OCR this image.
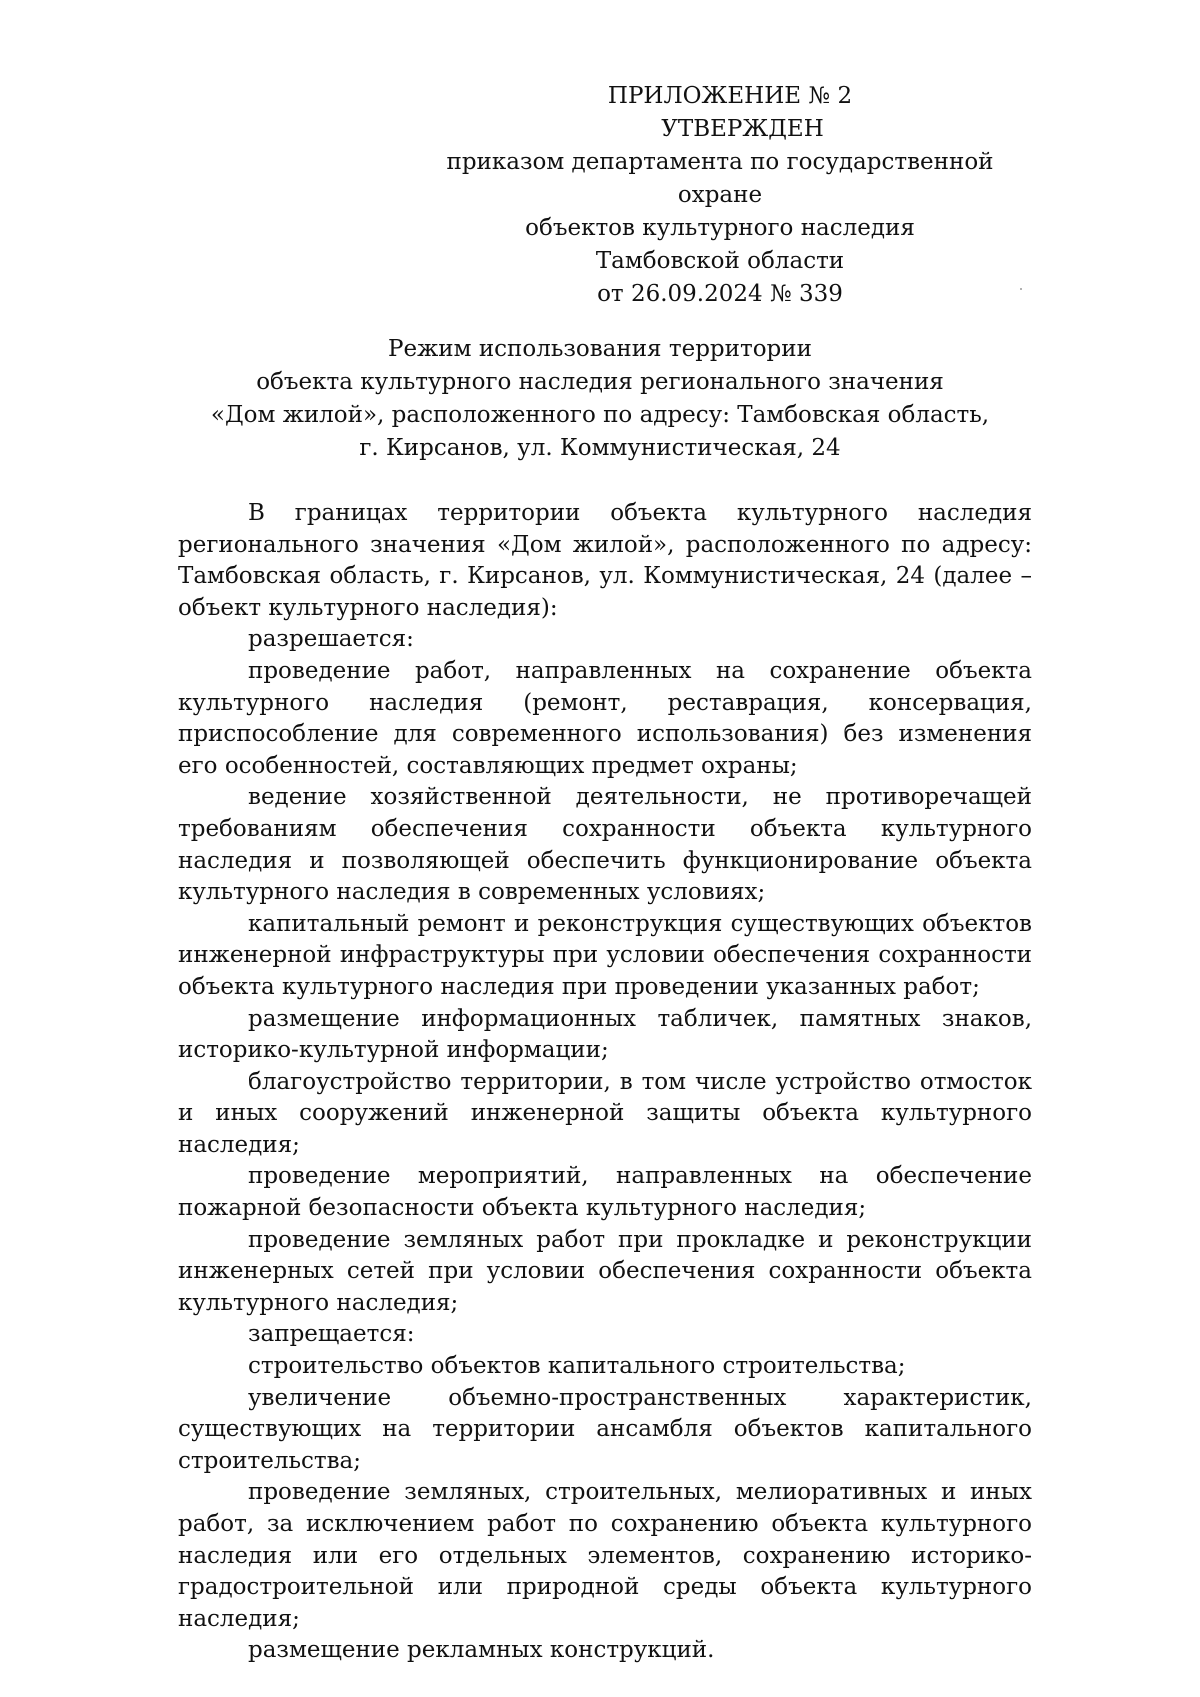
ПРИЛОЖЕНИЕ № 2
УТВЕРЖДЕН
приказом департамента по государственной охране
объектов культурного наследия
Тамбовской области
от 26.09.2024 № 339
Режим использования территории
объекта культурного наследия регионального значения
«Дом жилой», расположенного по адресу: Тамбовская область,
г. Кирсанов, ул. Коммунистическая, 24

В границах территории объекта культурного наследия регионального значения «Дом жилой», расположенного по адресу: Тамбовская область, г. Кирсанов, ул. Коммунистическая, 24 (далее – объект культурного наследия):

разрешается:

проведение работ, направленных на сохранение объекта культурного наследия (ремонт, реставрация, консервация, приспособление для современного использования) без изменения его особенностей, составляющих предмет охраны;

ведение хозяйственной деятельности, не противоречащей требованиям обеспечения сохранности объекта культурного наследия и позволяющей обеспечить функционирование объекта культурного наследия в современных условиях;

капитальный ремонт и реконструкция существующих объектов инженерной инфраструктуры при условии обеспечения сохранности объекта культурного наследия при проведении указанных работ;

размещение информационных табличек, памятных знаков, историко-культурной информации;

благоустройство территории, в том числе устройство отмосток и иных сооружений инженерной защиты объекта культурного наследия;

проведение мероприятий, направленных на обеспечение пожарной безопасности объекта культурного наследия;

проведение земляных работ при прокладке и реконструкции инженерных сетей при условии обеспечения сохранности объекта культурного наследия;

запрещается:

строительство объектов капитального строительства;

увеличение объемно-пространственных характеристик, существующих на территории ансамбля объектов капитального строительства;

проведение земляных, строительных, мелиоративных и иных работ, за исключением работ по сохранению объекта культурного наследия или его отдельных элементов, сохранению историко-градостроительной или природной среды объекта культурного наследия;

размещение рекламных конструкций.
